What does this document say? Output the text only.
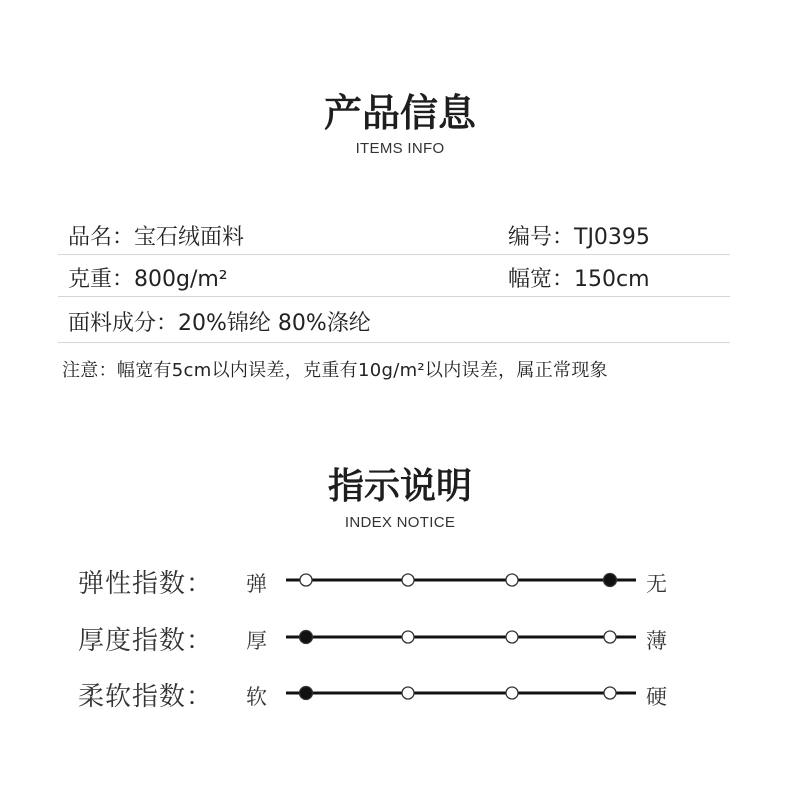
产品信息
ITEMS INFO
品名：宝石绒面料	编号：TJ0395
克重：800g/m²	幅宽：150cm
面料成分：20%锦纶 80%涤纶
注意：幅宽有5cm以内误差，克重有10g/m²以内误差，属正常现象
指示说明
INDEX NOTICE
弹性指数： 弹	无
厚度指数： 厚	薄
柔软指数： 软	硬
